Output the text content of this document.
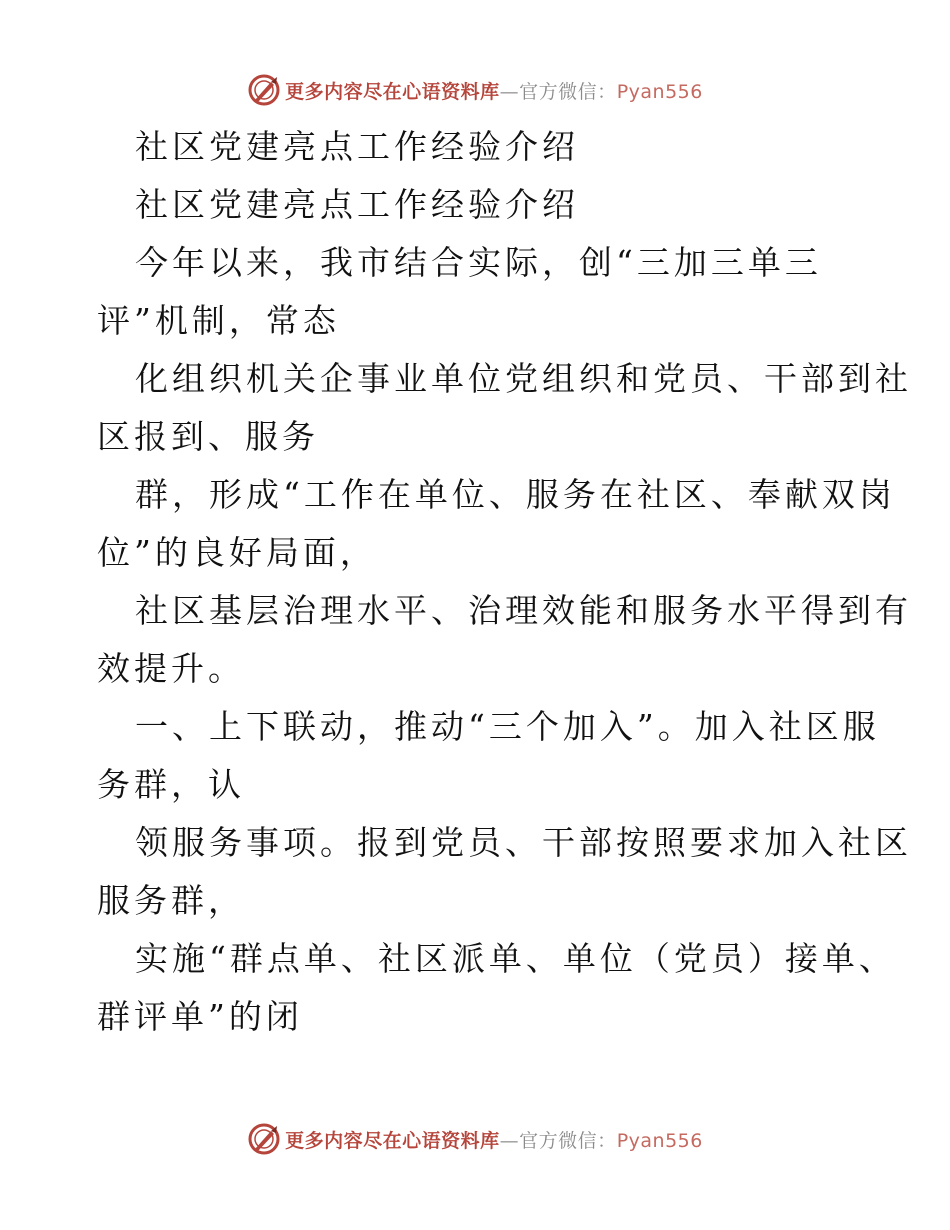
更多内容尽在心语资料库—官方微信：Pyan556
社区党建亮点工作经验介绍
社区党建亮点工作经验介绍
今年以来，我市结合实际，创“三加三单三
评”机制，常态
化组织机关企事业单位党组织和党员、干部到社
区报到、服务
群，形成“工作在单位、服务在社区、奉献双岗
位”的良好局面，
社区基层治理水平、治理效能和服务水平得到有
效提升。
一、上下联动，推动“三个加入”。加入社区服
务群，认
领服务事项。报到党员、干部按照要求加入社区
服务群，
实施“群点单、社区派单、单位（党员）接单、
群评单”的闭
更多内容尽在心语资料库—官方微信：Pyan556
